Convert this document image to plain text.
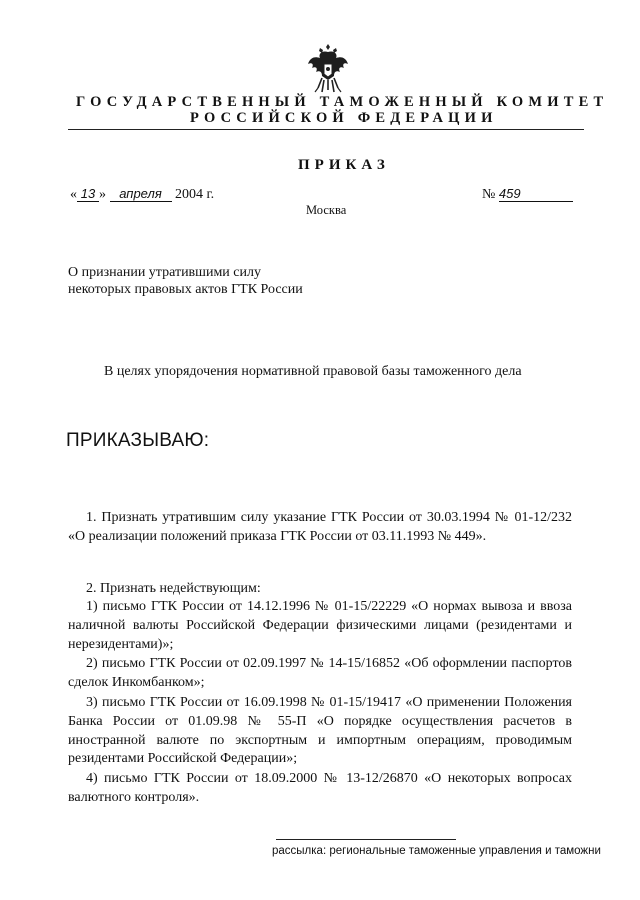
ГОСУДАРСТВЕННЫЙ ТАМОЖЕННЫЙ КОМИТЕТ
РОССИЙСКОЙ ФЕДЕРАЦИИ
ПРИКАЗ
« 13 » апреля 2004 г.	№ 459
Москва
О признании утратившими силу
некоторых правовых актов ГТК России
В целях упорядочения нормативной правовой базы таможенного дела
ПРИКАЗЫВАЮ:
1. Признать утратившим силу указание ГТК России от 30.03.1994 № 01-12/232 «О реализации положений приказа ГТК России от 03.11.1993 № 449».
2. Признать недействующим:

1) письмо ГТК России от 14.12.1996 № 01-15/22229 «О нормах вывоза и ввоза наличной валюты Российской Федерации физическими лицами (резидентами и нерезидентами)»;

2) письмо ГТК России от 02.09.1997 № 14-15/16852 «Об оформлении паспортов сделок Инкомбанком»;

3) письмо ГТК России от 16.09.1998 № 01-15/19417 «О применении Положения Банка России от 01.09.98 № 55-П «О порядке осуществления расчетов в иностранной валюте по экспортным и импортным операциям, проводимым резидентами Российской Федерации»;

4) письмо ГТК России от 18.09.2000 № 13-12/26870 «О некоторых вопросах валютного контроля».

рассылка: региональные таможенные управления и таможни
